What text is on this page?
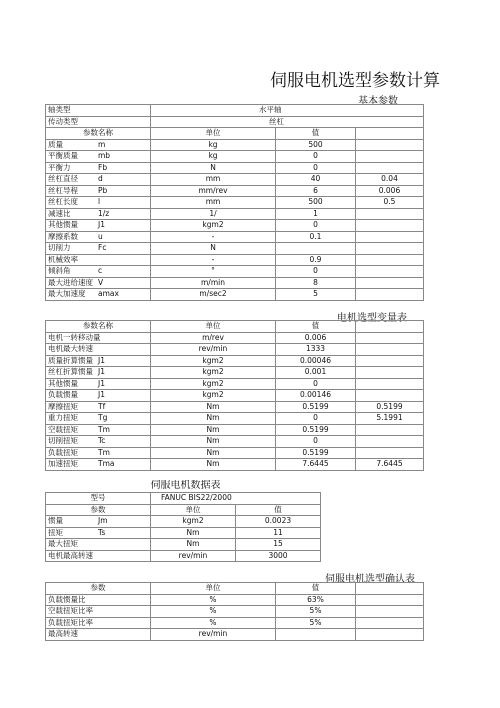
伺服电机选型参数计算
基本参数
轴类型	水平轴		
传动类型	丝杠		
参数名称	单位	值	
质量 m	kg	500	
平衡质量 mb	kg	0	
平衡力 Fb	N	0	
丝杠直径 d	mm	40	0.04
丝杠导程 Pb	mm/rev	6	0.006
丝杠长度 l	mm	500	0.5
减速比 1/z	1/	1	
其他惯量 J1	kgm2	0	
摩擦系数 u	-	0.1	
切削力 Fc	N		
机械效率	-	0.9	
倾斜角 c	°	0	
最大进给速度 V	m/min	8	
最大加速度 amax	m/sec2	5	
电机选型变量表
参数名称	单位	值	
电机一转移动量	m/rev	0.006	
电机最大转速	rev/min	1333	
质量折算惯量 J1	kgm2	0.00046	
丝杠折算惯量 J1	kgm2	0.001	
其他惯量 J1	kgm2	0	
负载惯量 J1	kgm2	0.00146	
摩擦扭矩 Tf	Nm	0.5199	0.5199
重力扭矩 Tg	Nm	0	5.1991
空载扭矩 Tm	Nm	0.5199	
切削扭矩 Tc	Nm	0	
负载扭矩 Tm	Nm	0.5199	
加速扭矩 Tma	Nm	7.6445	7.6445
伺服电机数据表		
型号	FANUC BIS22/2000	
参数	单位	值
惯量 Jm	kgm2	0.0023
扭矩 Ts	Nm	11
最大扭矩	Nm	15
电机最高转速	rev/min	3000
伺服电机选型确认表
参数	单位	值	
负载惯量比	%	63%	
空载扭矩比率	%	5%	
负载扭矩比率	%	5%	
最高转速	rev/min		
